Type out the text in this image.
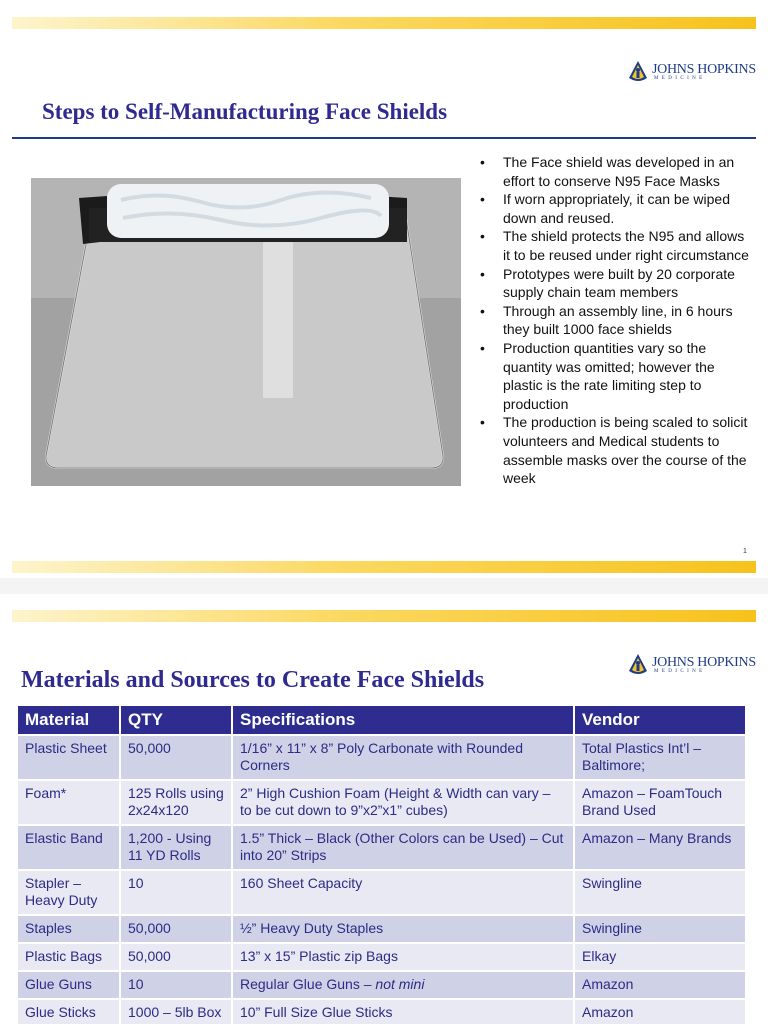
JOHNS HOPKINS
MEDICINE
Steps to Self-Manufacturing Face Shields
• The Face shield was developed in an effort to conserve N95 Face Masks
• If worn appropriately, it can be wiped down and reused.
• The shield protects the N95 and allows it to be reused under right circumstance
• Prototypes were built by 20 corporate supply chain team members
• Through an assembly line, in 6 hours they built 1000 face shields
• Production quantities vary so the quantity was omitted; however the plastic is the rate limiting step to production
• The production is being scaled to solicit volunteers and Medical students to assemble masks over the course of the week
1
JOHNS HOPKINS
MEDICINE
Materials and Sources to Create Face Shields
Material	QTY	Specifications	Vendor
Plastic Sheet	50,000	1/16” x 11” x 8” Poly Carbonate with Rounded Corners	Total Plastics Int’l – Baltimore;
Foam*	125 Rolls using 2x24x120	2” High Cushion Foam (Height & Width can vary – to be cut down to 9”x2”x1” cubes)	Amazon – FoamTouch Brand Used
Elastic Band	1,200 - Using 11 YD Rolls	1.5” Thick – Black (Other Colors can be Used) – Cut into 20” Strips	Amazon – Many Brands
Stapler – Heavy Duty	10	160 Sheet Capacity	Swingline
Staples	50,000	½” Heavy Duty Staples	Swingline
Plastic Bags	50,000	13” x 15” Plastic zip Bags	Elkay
Glue Guns	10	Regular Glue Guns – not mini	Amazon
Glue Sticks	1000 – 5lb Box	10” Full Size Glue Sticks	Amazon
